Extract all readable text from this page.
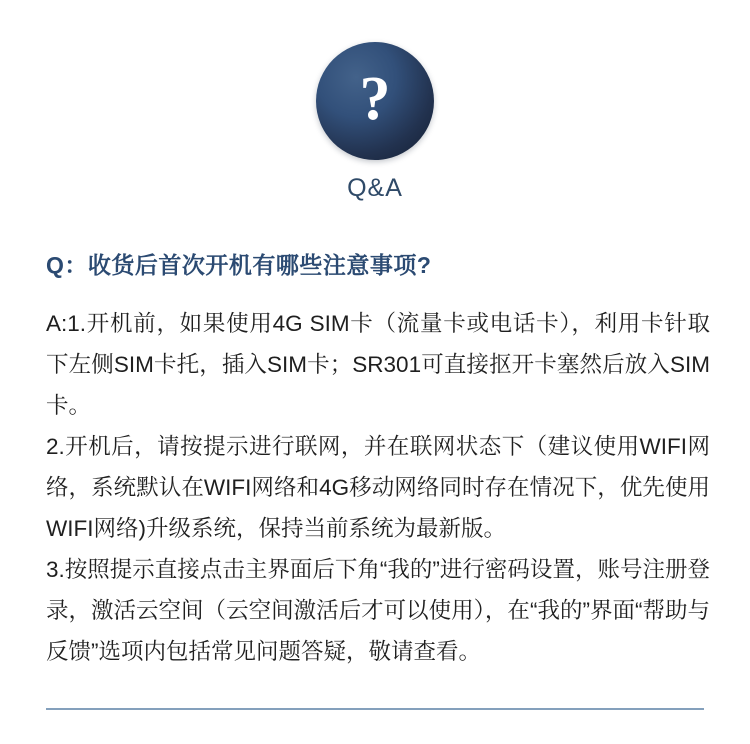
?
Q&A
Q：收货后首次开机有哪些注意事项?

A:1.开机前，如果使用4G SIM卡（流量卡或电话卡），利用卡针取下左侧SIM卡托，插入SIM卡；SR301可直接抠开卡塞然后放入SIM卡。

2.开机后，请按提示进行联网，并在联网状态下（建议使用WIFI网络，系统默认在WIFI网络和4G移动网络同时存在情况下，优先使用WIFI网络)升级系统，保持当前系统为最新版。

3.按照提示直接点击主界面后下角“我的”进行密码设置，账号注册登录，激活云空间（云空间激活后才可以使用），在“我的”界面“帮助与反馈”选项内包括常见问题答疑，敬请查看。
